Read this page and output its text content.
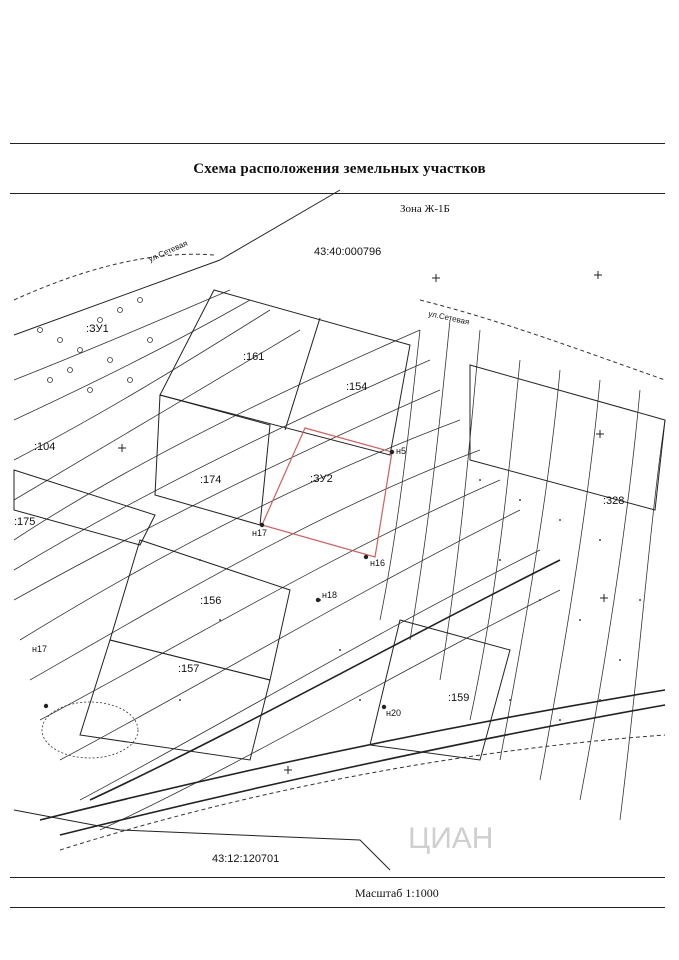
Схема расположения земельных участков
Зона Ж-1Б
43:40:000796
43:12:120701
ул.Сетевая
ул.Сетевая
:161
:154
:104
:174
:175
:156
:157
:159
:328
:ЗУ1
:ЗУ2
н5
н16
н18
н17
н20
н17
ЦИАН
Масштаб 1:1000
